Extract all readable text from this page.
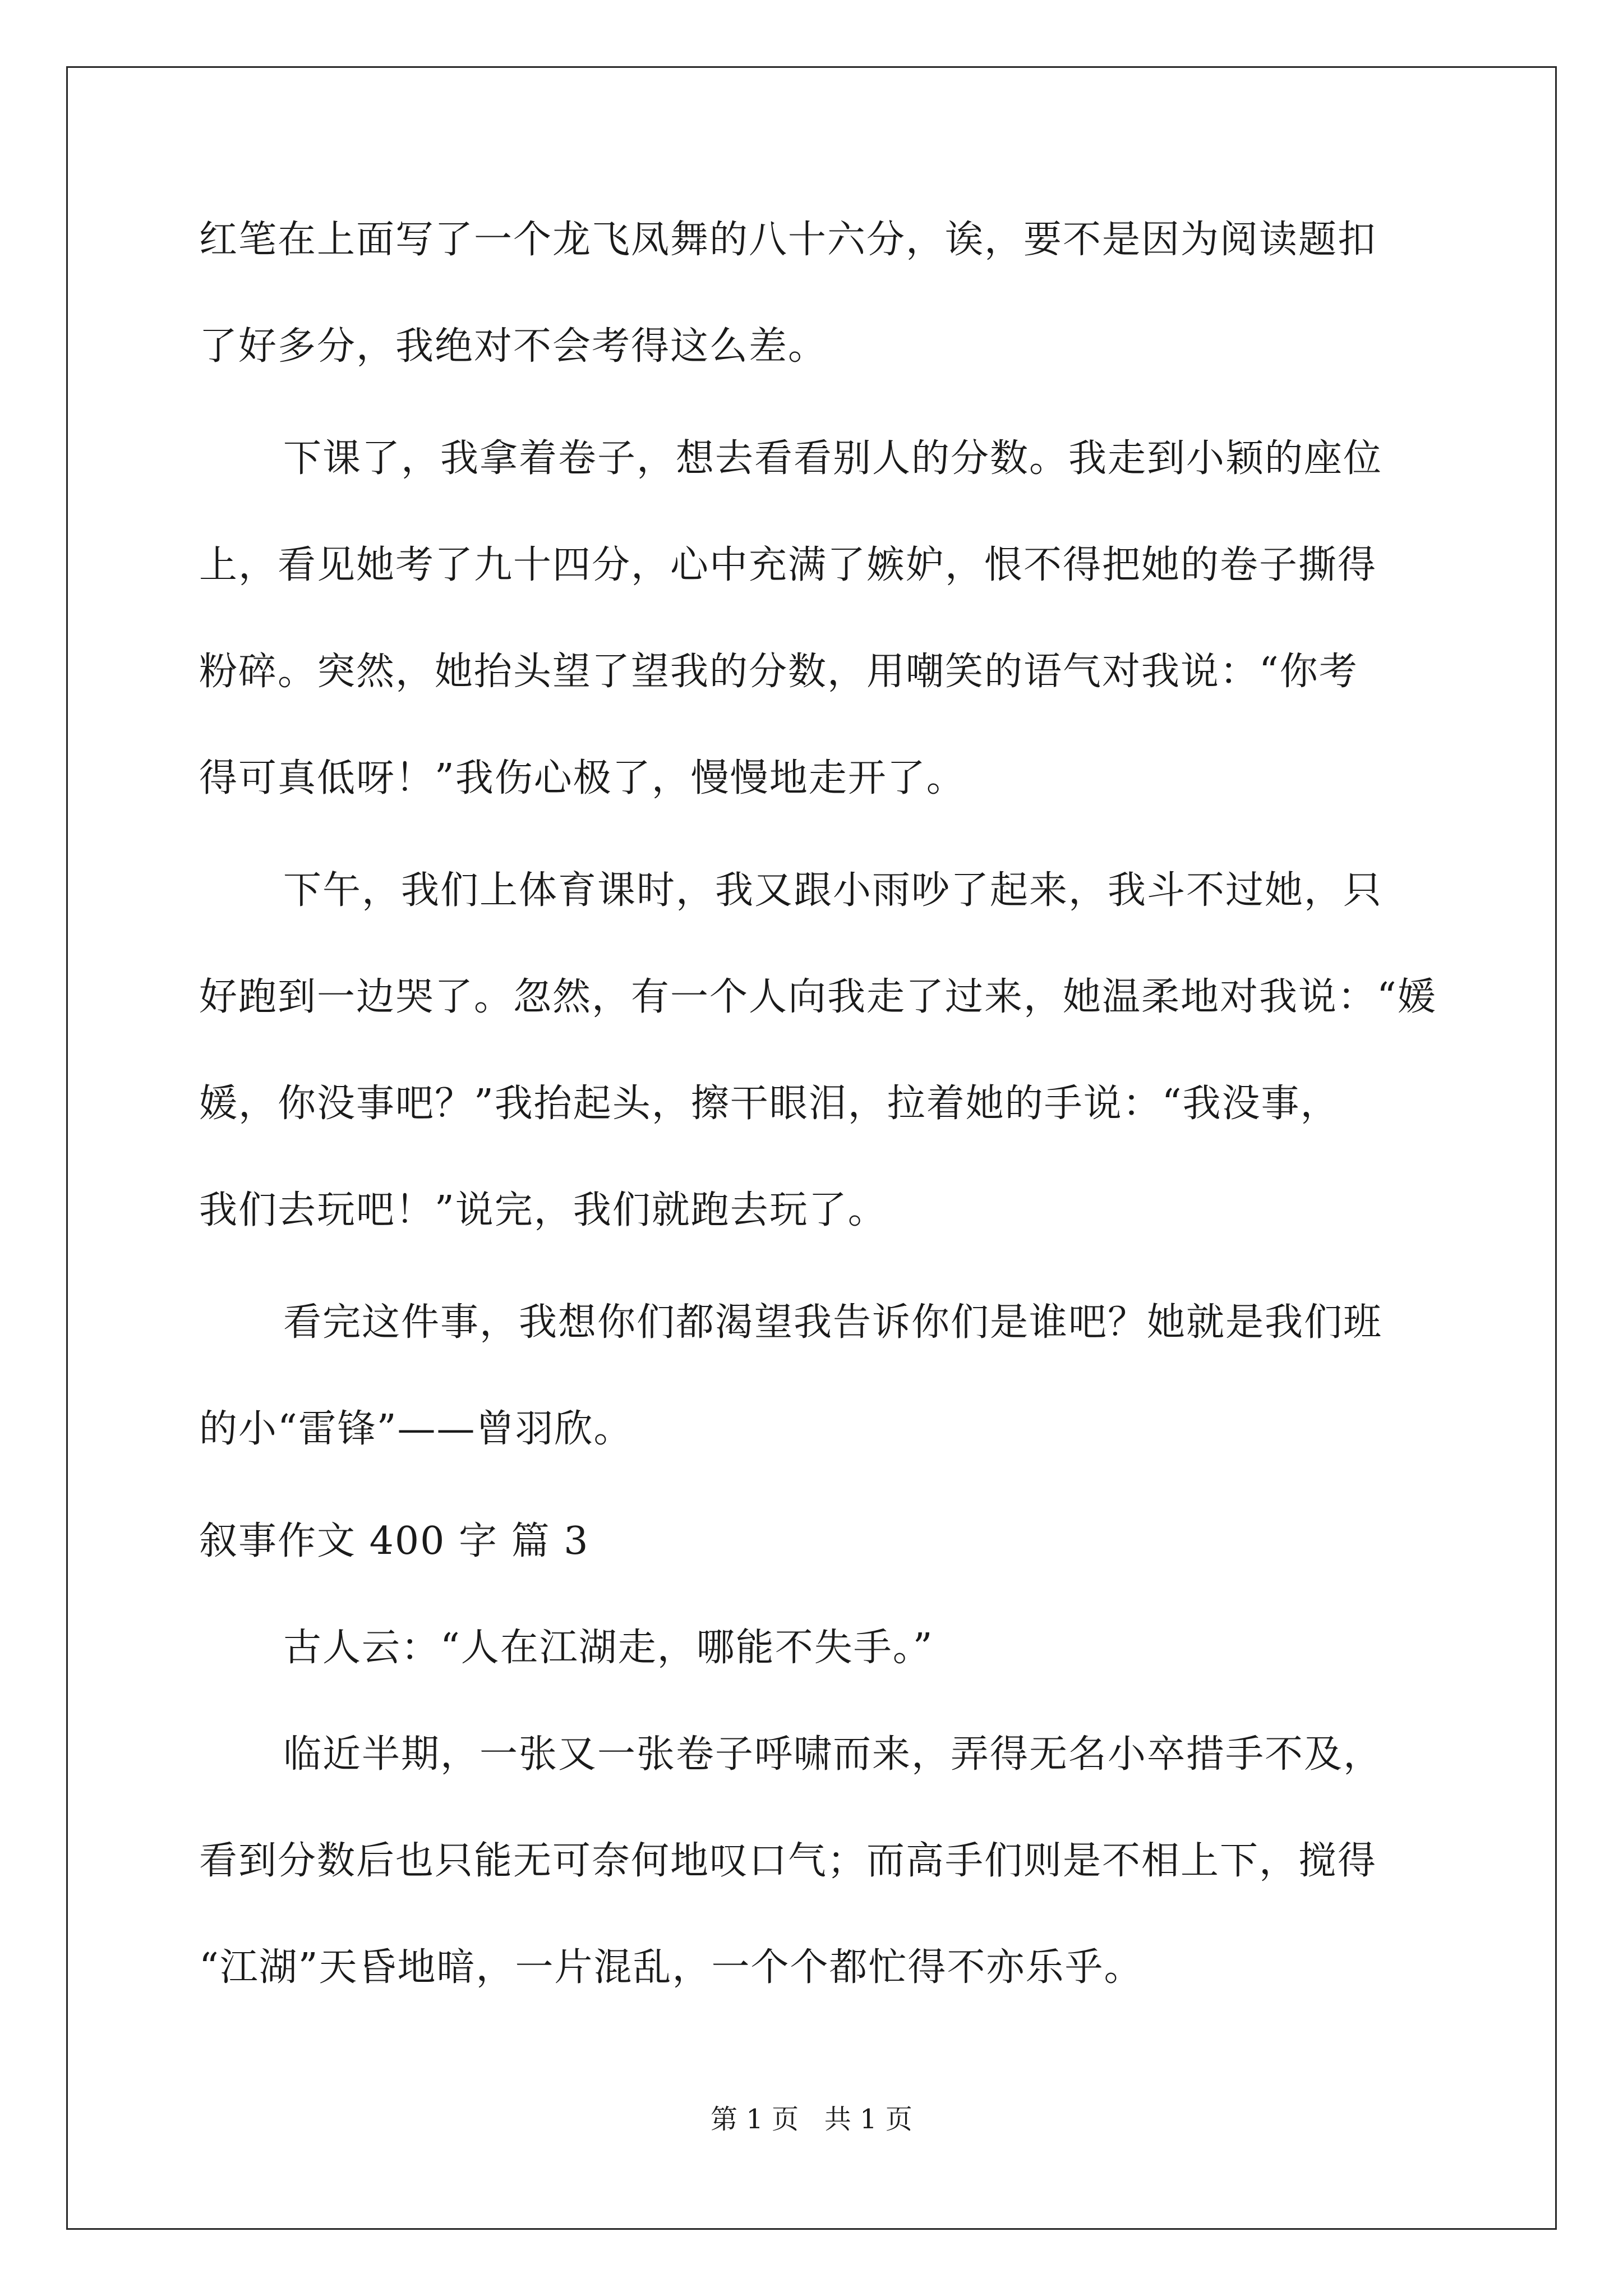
红笔在上面写了一个龙飞凤舞的八十六分，诶，要不是因为阅读题扣
了好多分，我绝对不会考得这么差。
下课了，我拿着卷子，想去看看别人的分数。我走到小颖的座位
上，看见她考了九十四分，心中充满了嫉妒，恨不得把她的卷子撕得
粉碎。突然，她抬头望了望我的分数，用嘲笑的语气对我说：“你考
得可真低呀！”我伤心极了，慢慢地走开了。
下午，我们上体育课时，我又跟小雨吵了起来，我斗不过她，只
好跑到一边哭了。忽然，有一个人向我走了过来，她温柔地对我说：“媛
媛，你没事吧？”我抬起头，擦干眼泪，拉着她的手说：“我没事，
我们去玩吧！”说完，我们就跑去玩了。
看完这件事，我想你们都渴望我告诉你们是谁吧？她就是我们班
的小“雷锋”——曾羽欣。
叙事作文 400 字 篇 3
古人云：“人在江湖走，哪能不失手。”
临近半期，一张又一张卷子呼啸而来，弄得无名小卒措手不及，
看到分数后也只能无可奈何地叹口气；而高手们则是不相上下，搅得
“江湖”天昏地暗，一片混乱，一个个都忙得不亦乐乎。
第 1 页   共 1 页
